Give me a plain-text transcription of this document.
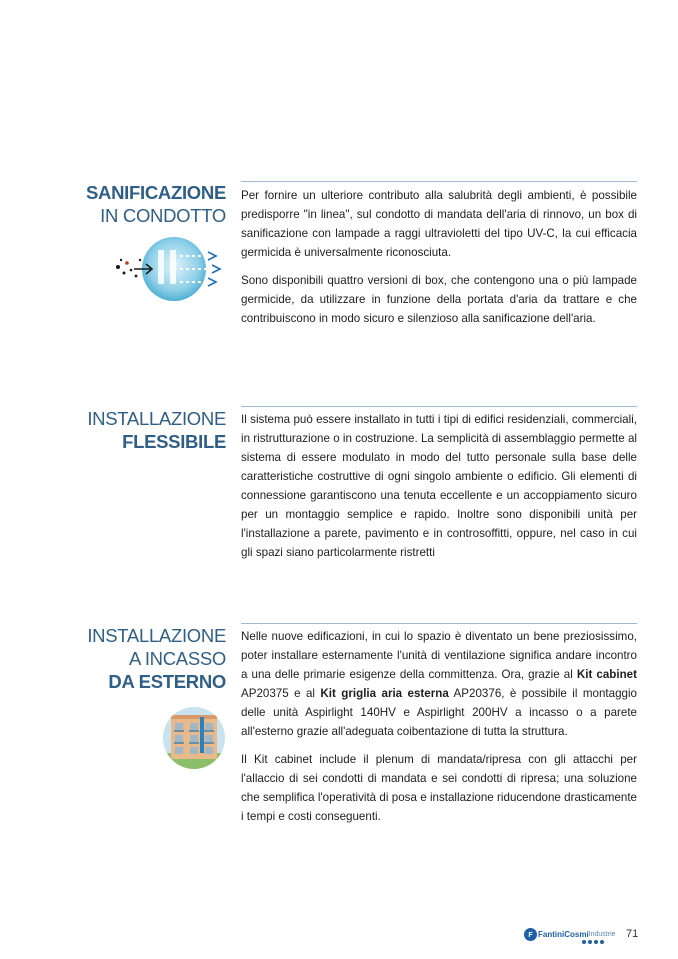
SANIFICAZIONE
IN CONDOTTO

Per fornire un ulteriore contributo alla salubrità degli ambienti, è possibile predisporre "in linea", sul condotto di mandata dell'aria di rinnovo, un box di sanificazione con lampade a raggi ultravioletti del tipo UV-C, la cui efficacia germicida è universalmente riconosciuta.

Sono disponibili quattro versioni di box, che contengono una o più lampade germicide, da utilizzare in funzione della portata d'aria da trattare e che contribuiscono in modo sicuro e silenzioso alla sanificazione dell'aria.

INSTALLAZIONE
FLESSIBILE

Il sistema può essere installato in tutti i tipi di edifici residenziali, commerciali, in ristrutturazione o in costruzione. La semplicità di assemblaggio permette al sistema di essere modulato in modo del tutto personale sulla base delle caratteristiche costruttive di ogni singolo ambiente o edificio. Gli elementi di connessione garantiscono una tenuta eccellente e un accoppiamento sicuro per un montaggio semplice e rapido. Inoltre sono disponibili unità per l'installazione a parete, pavimento e in controsoffitti, oppure, nel caso in cui gli spazi siano particolarmente ristretti

INSTALLAZIONE
A INCASSO
DA ESTERNO

Nelle nuove edificazioni, in cui lo spazio è diventato un bene preziosissimo, poter installare esternamente l'unità di ventilazione significa andare incontro a una delle primarie esigenze della committenza. Ora, grazie al Kit cabinet AP20375 e al Kit griglia aria esterna AP20376, è possibile il montaggio delle unità Aspirlight 140HV e Aspirlight 200HV a incasso o a parete all'esterno grazie all'adeguata coibentazione di tutta la struttura.

Il Kit cabinet include il plenum di mandata/ripresa con gli attacchi per l'allaccio di sei condotti di mandata e sei condotti di ripresa; una soluzione che semplifica l'operatività di posa e installazione riducendone drasticamente i tempi e costi conseguenti.

F Fantini Cosmi Industrie 71
